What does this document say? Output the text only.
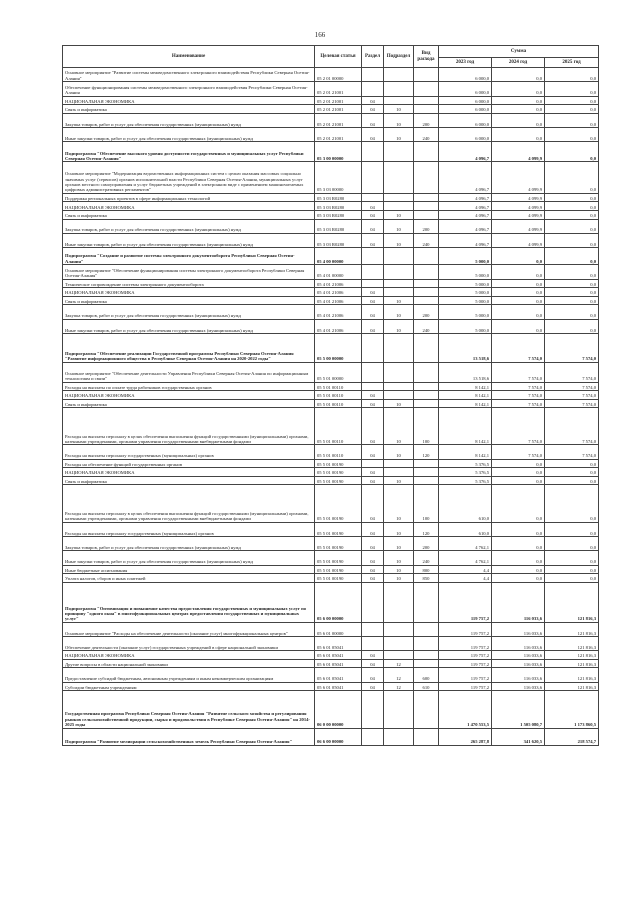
166
Наименование	Целевая статья	Раздел	Подраздел	Вид расхода	Сумма		
					2023 год	2024 год	2025 год
Основное мероприятие "Развитие системы межведомственного электронного взаимодействия Республики Северная Осетия-Алания"	05 2 01 00000				6 000,0	0,0	0,0
Обеспечение функционирования системы межведомственного электронного взаимодействия Республики Северная Осетия-Алания	05 2 01 21001				6 000,0	0,0	0,0
НАЦИОНАЛЬНАЯ ЭКОНОМИКА	05 2 01 21001	04			6 000,0	0,0	0,0
Связь и информатика	05 2 01 21001	04	10		6 000,0	0,0	0,0
Закупка товаров, работ и услуг для обеспечения государственных (муниципальных) нужд	05 2 01 21001	04	10	200	6 000,0	0,0	0,0
Иные закупки товаров, работ и услуг для обеспечения государственных (муниципальных) нужд	05 2 01 21001	04	10	240	6 000,0	0,0	0,0
Подпрограмма "Обеспечение высокого уровня доступности государственных и муниципальных услуг Республики Северная Осетия-Алания"	05 3 00 00000				4 096,7	4 099,9	0,0
Основное мероприятие "Модернизация ведомственных информационных систем с целью оказания массовых социально значимых услуг (сервисов) органов исполнительной власти Республики Северная Осетия-Алания, муниципальных услуг органов местного самоуправления и услуг бюджетных учреждений в электронном виде с применением машиночитаемых цифровых административных регламентов"	05 3 03 00000				4 096,7	4 099,9	0,0
Поддержка региональных проектов в сфере информационных технологий	05 3 03 R0280				4 096,7	4 099,9	0,0
НАЦИОНАЛЬНАЯ ЭКОНОМИКА	05 3 03 R0280	04			4 096,7	4 099,9	0,0
Связь и информатика	05 3 03 R0280	04	10		4 096,7	4 099,9	0,0
Закупка товаров, работ и услуг для обеспечения государственных (муниципальных) нужд	05 3 03 R0280	04	10	200	4 096,7	4 099,9	0,0
Иные закупки товаров, работ и услуг для обеспечения государственных (муниципальных) нужд	05 3 03 R0280	04	10	240	4 096,7	4 099,9	0,0
Подпрограмма "Создание и развитие системы электронного документооборота Республики Северная Осетия-Алания"	05 4 00 00000				5 000,0	0,0	0,0
Основное мероприятие "Обеспечение функционирования системы электронного документооборота Республики Северная Осетия-Алания"	05 4 01 00000				5 000,0	0,0	0,0
Техническое сопровождение системы электронного документооборота	05 4 01 21006				5 000,0	0,0	0,0
НАЦИОНАЛЬНАЯ ЭКОНОМИКА	05 4 01 21006	04			5 000,0	0,0	0,0
Связь и информатика	05 4 01 21006	04	10		5 000,0	0,0	0,0
Закупка товаров, работ и услуг для обеспечения государственных (муниципальных) нужд	05 4 01 21006	04	10	200	5 000,0	0,0	0,0
Иные закупки товаров, работ и услуг для обеспечения государственных (муниципальных) нужд	05 4 01 21006	04	10	240	5 000,0	0,0	0,0
Подпрограмма "Обеспечение реализации Государственной программы Республики Северная Осетия-Алания "Развитие информационного общества в Республике Северная Осетия-Алания на 2020-2022 годы"	05 5 00 00000				13 518,6	7 574,0	7 574,0
Основное мероприятие "Обеспечение деятельности Управления Республики Северная Осетия-Алания по информационным технологиям и связи"	05 5 01 00000				13 518,6	7 574,0	7 574,0
Расходы на выплаты по оплате труда работников государственных органов	05 5 01 00110				8 142,1	7 574,0	7 574,0
НАЦИОНАЛЬНАЯ ЭКОНОМИКА	05 5 01 00110	04			8 142,1	7 574,0	7 574,0
Связь и информатика	05 5 01 00110	04	10		8 142,1	7 574,0	7 574,0
Расходы на выплаты персоналу в целях обеспечения выполнения функций государственными (муниципальными) органами, казенными учреждениями, органами управления государственными внебюджетными фондами	05 5 01 00110	04	10	100	8 142,1	7 574,0	7 574,0
Расходы на выплаты персоналу государственных (муниципальных) органов	05 5 01 00110	04	10	120	8 142,1	7 574,0	7 574,0
Расходы на обеспечение функций государственных органов	05 5 01 00190				5 376,5	0,0	0,0
НАЦИОНАЛЬНАЯ ЭКОНОМИКА	05 5 01 00190	04			5 376,5	0,0	0,0
Связь и информатика	05 5 01 00190	04	10		5 376,5	0,0	0,0
Расходы на выплаты персоналу в целях обеспечения выполнения функций государственными (муниципальными) органами, казенными учреждениями, органами управления государственными внебюджетными фондами	05 5 01 00190	04	10	100	610,0	0,0	0,0
Расходы на выплаты персоналу государственных (муниципальных) органов	05 5 01 00190	04	10	120	610,0	0,0	0,0
Закупка товаров, работ и услуг для обеспечения государственных (муниципальных) нужд	05 5 01 00190	04	10	200	4 762,1	0,0	0,0
Иные закупки товаров, работ и услуг для обеспечения государственных (муниципальных) нужд	05 5 01 00190	04	10	240	4 762,1	0,0	0,0
Иные бюджетные ассигнования	05 5 01 00190	04	10	800	4,4	0,0	0,0
Уплата налогов, сборов и иных платежей	05 5 01 00190	04	10	850	4,4	0,0	0,0
Подпрограмма "Оптимизация и повышение качества предоставления государственных и муниципальных услуг по принципу "одного окна" в многофункциональных центрах предоставления государственных и муниципальных услуг"	05 6 00 00000				119 757,2	116 033,6	121 816,3
Основное мероприятие "Расходы на обеспечение деятельности (оказание услуг) многофункциональных центров"	05 6 01 00000				119 757,2	116 033,6	121 816,3
Обеспечение деятельности (оказание услуг) государственных учреждений в сфере национальной экономики	05 6 01 05041				119 757,2	116 033,6	121 816,3
НАЦИОНАЛЬНАЯ ЭКОНОМИКА	05 6 01 05041	04			119 757,2	116 033,6	121 816,3
Другие вопросы в области национальной экономики	05 6 01 05041	04	12		119 757,2	116 033,6	121 816,3
Предоставление субсидий бюджетным, автономным учреждениям и иным некоммерческим организациям	05 6 01 05041	04	12	600	119 757,2	116 033,6	121 816,3
Субсидии бюджетным учреждениям	05 6 01 05041	04	12	610	119 757,2	116 033,6	121 816,3
Государственная программа Республики Северная Осетия-Алания "Развитие сельского хозяйства и регулирования рынков сельскохозяйственной продукции, сырья и продовольствия в Республике Северная Осетия-Алания" на 2014-2025 годы	06 0 00 00000				1 470 553,5	1 505 080,7	1 173 860,5
Подпрограмма "Развитие мелиорации сельскохозяйственных земель Республики Северная Осетия-Алания"	06 6 00 00000				265 287,8	341 620,5	218 574,7
